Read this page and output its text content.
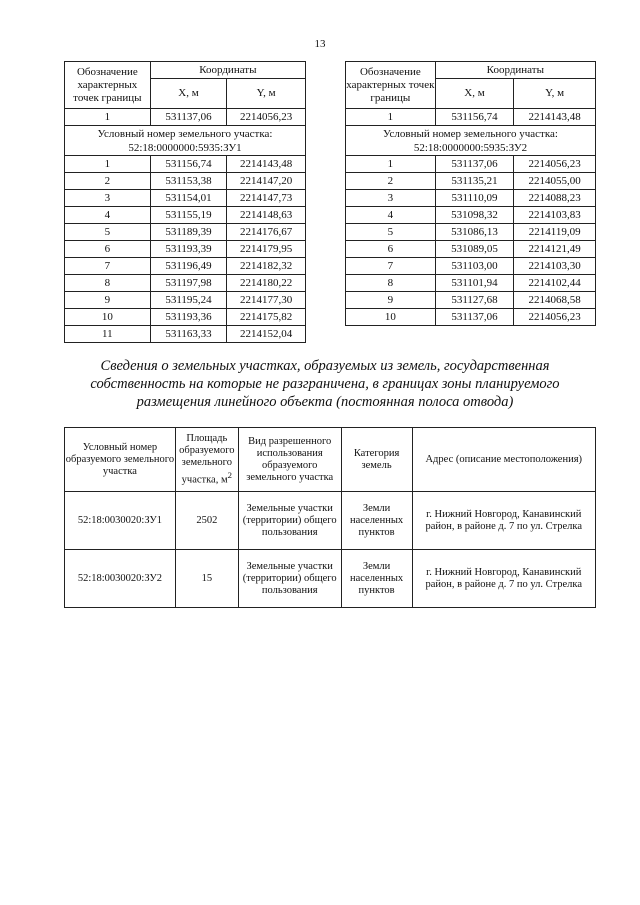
13
Обозначение характерных точек границы	Координаты	
	X, м	Y, м
1	531137,06	2214056,23
Условный номер земельного участка: 52:18:0000000:5935:ЗУ1		
1	531156,74	2214143,48
2	531153,38	2214147,20
3	531154,01	2214147,73
4	531155,19	2214148,63
5	531189,39	2214176,67
6	531193,39	2214179,95
7	531196,49	2214182,32
8	531197,98	2214180,22
9	531195,24	2214177,30
10	531193,36	2214175,82
11	531163,33	2214152,04
Обозначение характерных точек границы	Координаты	
	X, м	Y, м
1	531156,74	2214143,48
Условный номер земельного участка: 52:18:0000000:5935:ЗУ2		
1	531137,06	2214056,23
2	531135,21	2214055,00
3	531110,09	2214088,23
4	531098,32	2214103,83
5	531086,13	2214119,09
6	531089,05	2214121,49
7	531103,00	2214103,30
8	531101,94	2214102,44
9	531127,68	2214068,58
10	531137,06	2214056,23
Сведения о земельных участках, образуемых из земель, государственная собственность на которые не разграничена, в границах зоны планируемого размещения линейного объекта (постоянная полоса отвода)
Условный номер образуемого земельного участка	Площадь образуемого земельного участка, $м^2$	Вид разрешенного использования образуемого земельного участка	Категория земель	Адрес (описание местоположения)
52:18:0030020:ЗУ1	2502	Земельные участки (территории) общего пользования	Земли населенных пунктов	г. Нижний Новгород, Канавинский район, в районе д. 7 по ул. Стрелка
52:18:0030020:ЗУ2	15	Земельные участки (территории) общего пользования	Земли населенных пунктов	г. Нижний Новгород, Канавинский район, в районе д. 7 по ул. Стрелка
